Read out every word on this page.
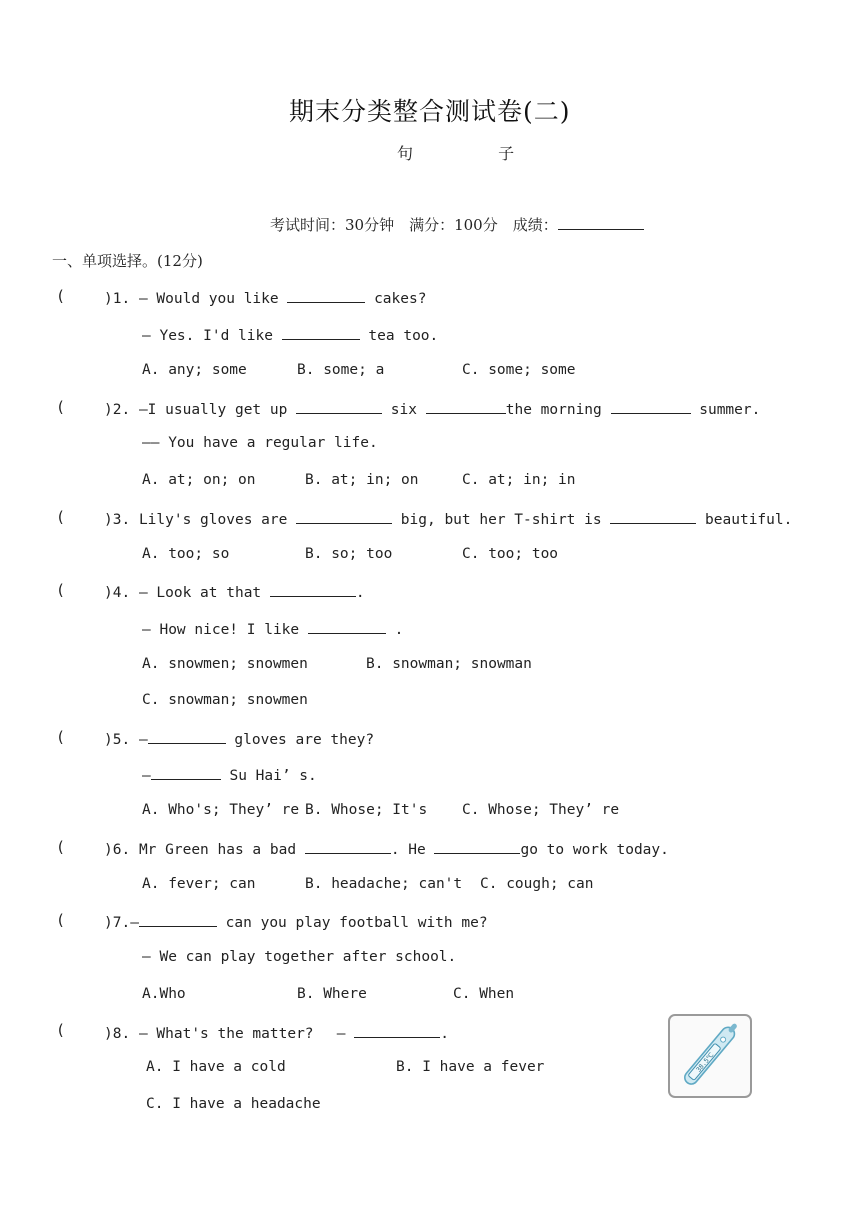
期末分类整合测试卷(二)
句 子
考试时间：30分钟　满分：100分　成绩：
一、单项选择。(12分)
(	)1. — Would you like	cakes?
— Yes. I'd like	tea too.
A. any; some	B. some; a	C. some; some
(	)2. —I usually get up	six	the morning	summer.
—— You have a regular life.
A. at; on; on	B. at; in; on	C. at; in; in
(	)3. Lily's gloves are	big, but her T-shirt is	beautiful.
A. too; so	B. so; too	C. too; too
(	)4. — Look at that	.
— How nice! I like	.
A. snowmen; snowmen	B. snowman; snowman
C. snowman; snowmen
(	)5. —	gloves are they?
—	Su Hai’ s.
A. Who's; They’ re B. Whose; It's C. Whose; They’ re
(	)6. Mr Green has a bad	. He	go to work today.
A. fever; can	B. headache; can't C. cough; can
(	)7.—	can you play football with me?
— We can play together after school.
A.Who	B. Where	C. When
(	)8. — What's the matter?　 —	.
A. I have a cold	B. I have a fever
C. I have a headache
38.5℃
